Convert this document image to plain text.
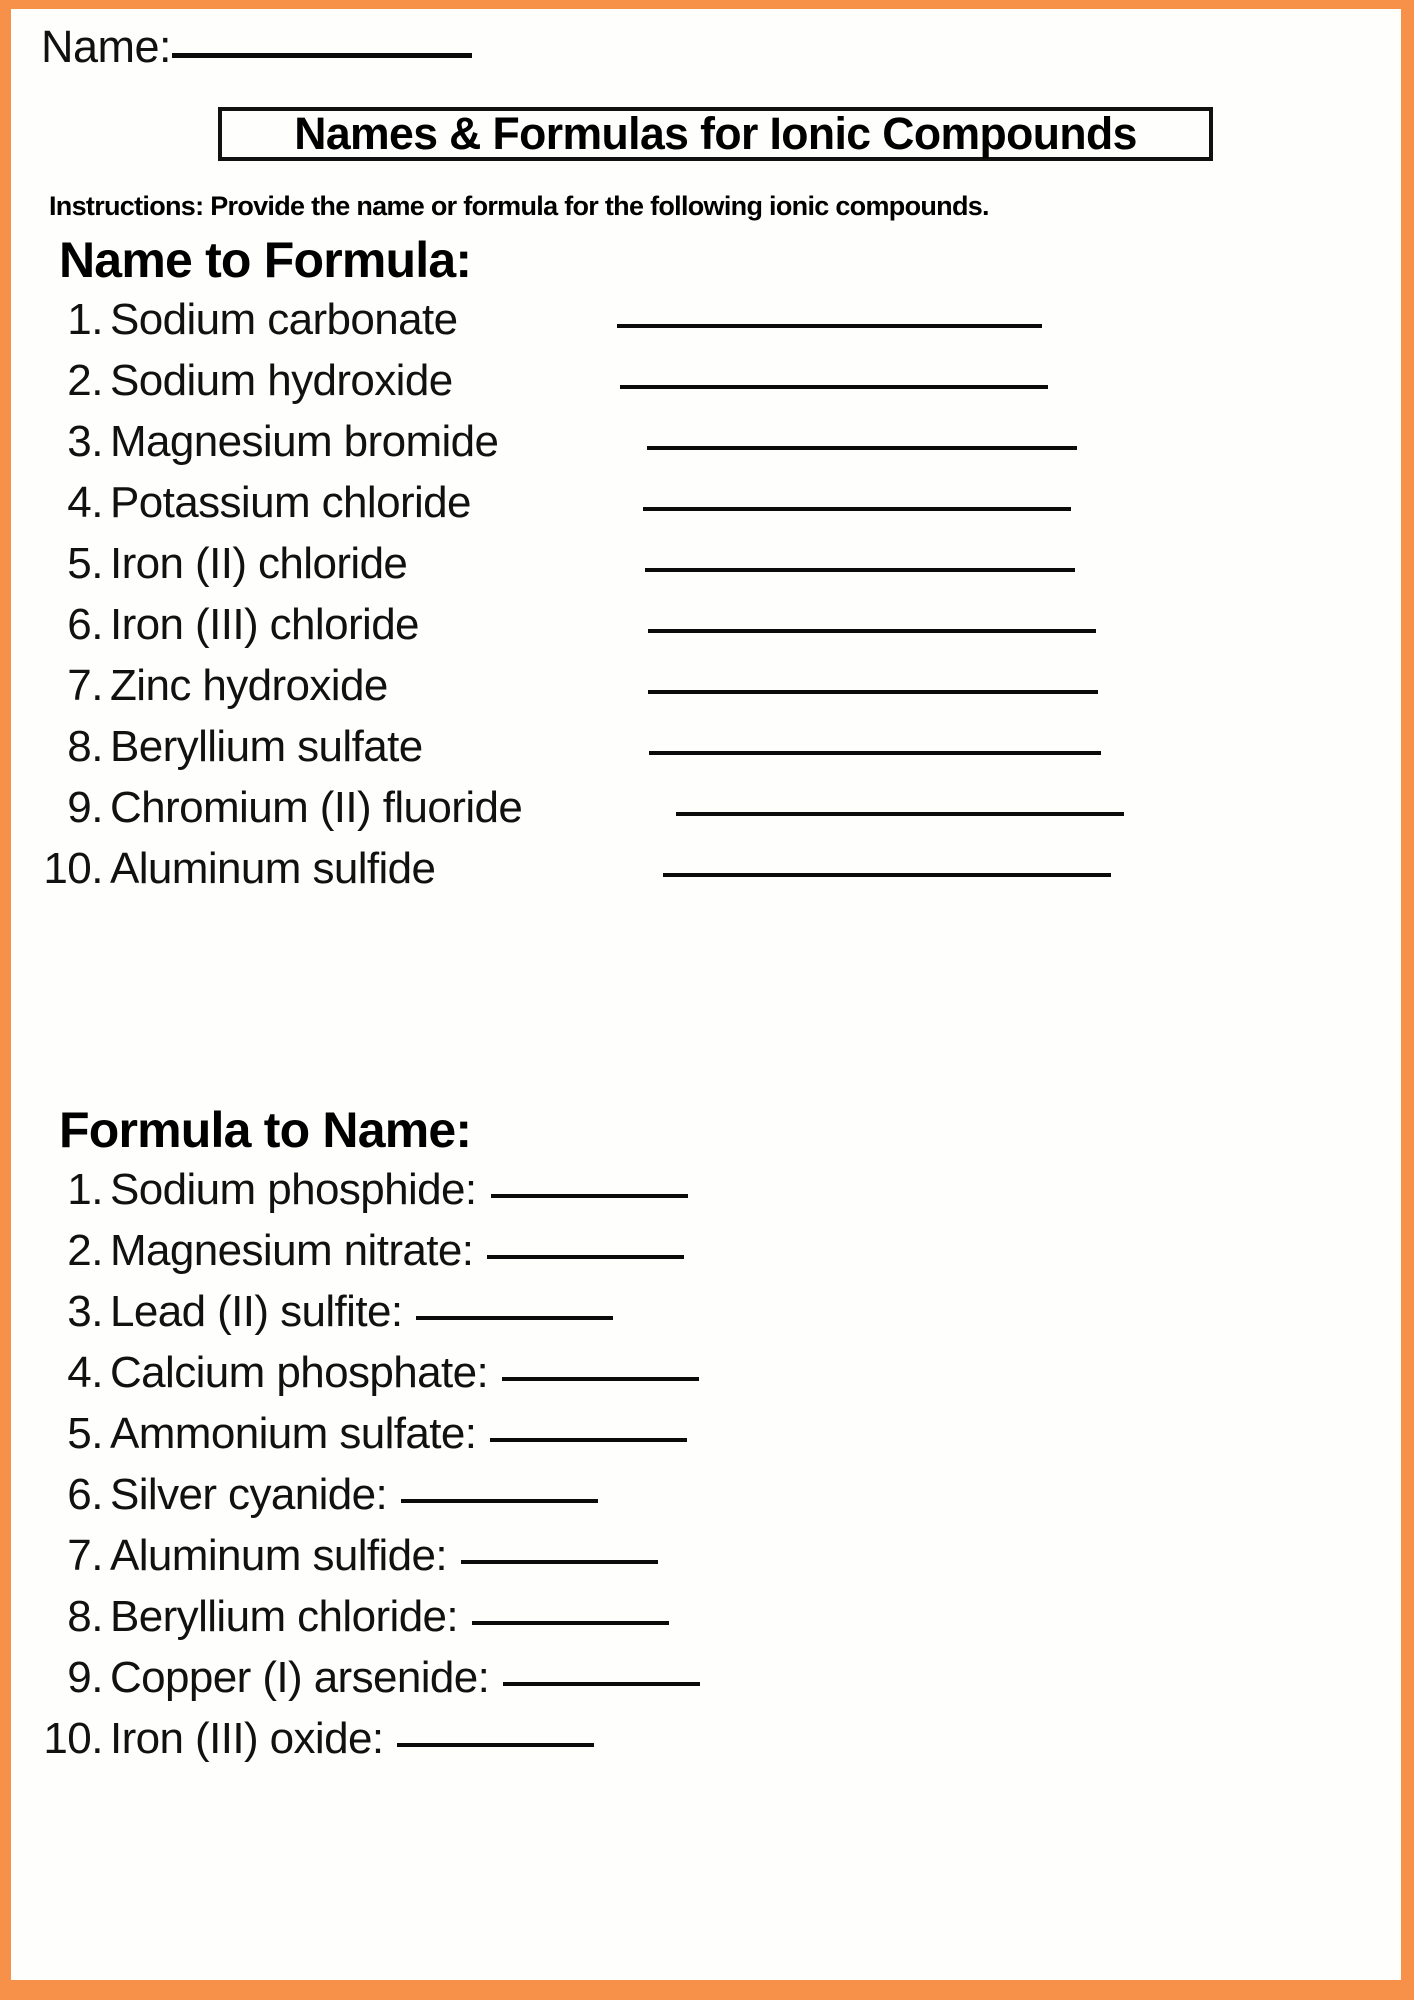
Name:
Names & Formulas for Ionic Compounds
Instructions: Provide the name or formula for the following ionic compounds.
Name to Formula:
1. Sodium carbonate
2. Sodium hydroxide
3. Magnesium bromide
4. Potassium chloride
5. Iron (II) chloride
6. Iron (III) chloride
7. Zinc hydroxide
8. Beryllium sulfate
9. Chromium (II) fluoride
10. Aluminum sulfide
Formula to Name:
1. Sodium phosphide:
2. Magnesium nitrate:
3. Lead (II) sulfite:
4. Calcium phosphate:
5. Ammonium sulfate:
6. Silver cyanide:
7. Aluminum sulfide:
8. Beryllium chloride:
9. Copper (I) arsenide:
10. Iron (III) oxide:
